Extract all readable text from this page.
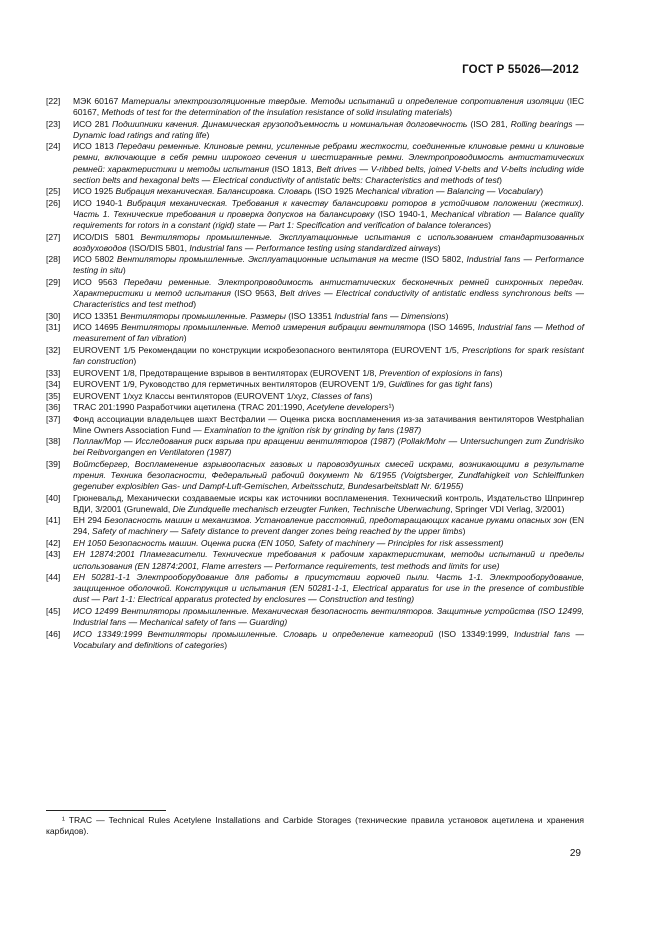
ГОСТ Р 55026—2012
[22]	МЭК 60167 Материалы электроизоляционные твердые. Методы испытаний и определение сопротивления изоляции (IEC 60167, Methods of test for the determination of the insulation resistance of solid insulating materials)
[23]	ИСО 281 Подшипники качения. Динамическая грузоподъемность и номинальная долговечность (ISO 281, Rolling bearings — Dynamic load ratings and rating life)
[24]	ИСО 1813 Передачи ременные. Клиновые ремни, усиленные ребрами жесткости, соединенные клиновые ремни и клиновые ремни, включающие в себя ремни широкого сечения и шестигранные ремни. Электропроводимость антистатических ремней: характеристики и методы испытания (ISO 1813, Belt drives — V-ribbed belts, joined V-belts and V-belts including wide section belts and hexagonal belts — Electrical conductivity of antistatic belts: Characteristics and methods of test)
[25]	ИСО 1925 Вибрация механическая. Балансировка. Словарь (ISO 1925 Mechanical vibration — Balancing — Vocabulary)
[26]	ИСО 1940-1 Вибрация механическая. Требования к качеству балансировки роторов в устойчивом положении (жестких). Часть 1. Технические требования и проверка допусков на балансировку (ISO 1940-1, Mechanical vibration — Balance quality requirements for rotors in a constant (rigid) state — Part 1: Specification and verification of balance tolerances)
[27]	ИСО/DIS 5801 Вентиляторы промышленные. Эксплуатационные испытания с использованием стандартизованных воздуховодов (ISO/DIS 5801, Industrial fans — Performance testing using standardized airways)
[28]	ИСО 5802 Вентиляторы промышленные. Эксплуатационные испытания на месте (ISO 5802, Industrial fans — Performance testing in situ)
[29]	ИСО 9563 Передачи ременные. Электропроводимость антистатических бесконечных ремней синхронных передач. Характеристики и метод испытания (ISO 9563, Belt drives — Electrical conductivity of antistatic endless synchronous belts — Characteristics and test method)
[30]	ИСО 13351 Вентиляторы промышленные. Размеры (ISO 13351 Industrial fans — Dimensions)
[31]	ИСО 14695 Вентиляторы промышленные. Метод измерения вибрации вентилятора (ISO 14695, Industrial fans — Method of measurement of fan vibration)
[32]	EUROVENT 1/5 Рекомендации по конструкции искробезопасного вентилятора (EUROVENT 1/5, Prescriptions for spark resistant fan construction)
[33]	EUROVENT 1/8, Предотвращение взрывов в вентиляторах (EUROVENT 1/8, Prevention of explosions in fans)
[34]	EUROVENT 1/9, Руководство для герметичных вентиляторов (EUROVENT 1/9, Guidlines for gas tight fans)
[35]	EUROVENT 1/xyz Классы вентиляторов (EUROVENT 1/xyz, Classes of fans)
[36]	TRAC 201:1990 Разработчики ацетилена (TRAC 201:1990, Acetylene developers¹)
[37]	Фонд ассоциации владельцев шахт Вестфалии — Оценка риска воспламенения из-за затачивания вентиляторов Westphalian Mine Owners Association Fund — Examination to the ignition risk by grinding by fans (1987)
[38]	Поллак/Мор — Исследования риск взрыва при вращении вентиляторов (1987) (Pollak/Mohr — Untersuchungen zum Zundrisiko bei Reibvorgangen en Ventilatoren (1987)
[39]	Войтсбергер, Воспламенение взрывоопасных газовых и паровоздушных смесей искрами, возникающими в результате трения. Техника безопасности, Федеральный рабочий документ № 6/1955 (Voigtsberger, Zundfahigkeit von Schleiffunken gegenuber explosiblen Gas- und Dampf-Luft-Gemischen, Arbeitsschutz, Bundesarbeitsblatt Nr. 6/1955)
[40]	Грюневальд, Механически создаваемые искры как источники воспламенения. Технический контроль, Издательство Шпрингер ВДИ, 3/2001 (Grunewald, Die Zundquelle mechanisch erzeugter Funken, Technische Uberwachung, Springer VDI Verlag, 3/2001)
[41]	ЕН 294 Безопасность машин и механизмов. Установление расстояний, предотвращающих касание руками опасных зон (EN 294, Safety of machinery — Safety distance to prevent danger zones being reached by the upper limbs)
[42]	ЕН 1050 Безопасность машин. Оценка риска (EN 1050, Safety of machinery — Principles for risk assessment)
[43]	ЕН 12874:2001 Пламегасители. Технические требования к рабочим характеристикам, методы испытаний и пределы использования (EN 12874:2001, Flame arresters — Performance requirements, test methods and limits for use)
[44]	ЕН 50281-1-1 Электрооборудование для работы в присутствии горючей пыли. Часть 1-1. Электрооборудование, защищенное оболочкой. Конструкция и испытания (EN 50281-1-1, Electrical apparatus for use in the presence of combustible dust — Part 1-1: Electrical apparatus protected by enclosures — Construction and testing)
[45]	ИСО 12499 Вентиляторы промышленные. Механическая безопасность вентиляторов. Защитные устройства (ISO 12499, Industrial fans — Mechanical safety of fans — Guarding)
[46]	ИСО 13349:1999 Вентиляторы промышленные. Словарь и определение категорий (ISO 13349:1999, Industrial fans — Vocabulary and definitions of categories)
¹ TRAC — Technical Rules Acetylene Installations and Carbide Storages (технические правила установок ацетилена и хранения карбидов).
29
